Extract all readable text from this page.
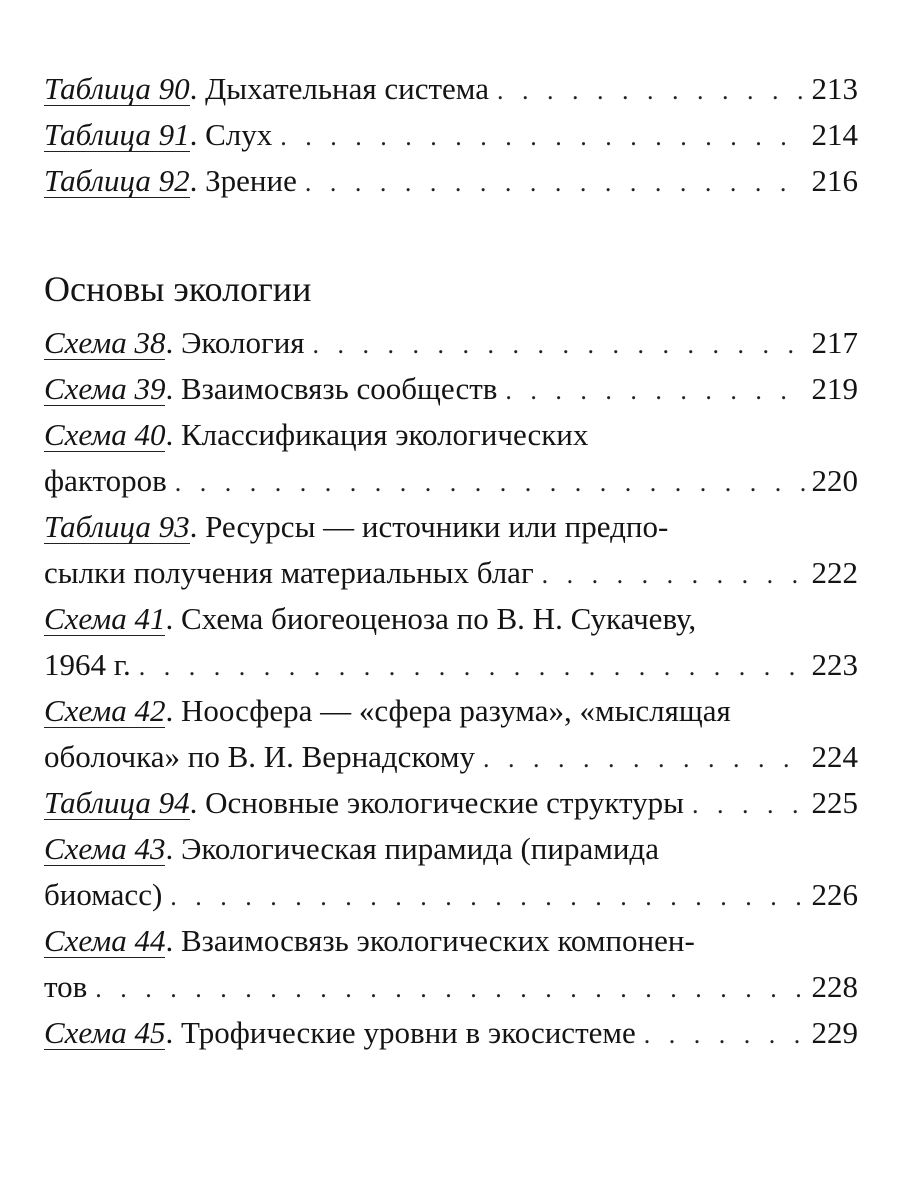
Таблица 90 . Дыхательная система . . .	213
Таблица 91 . Слух . . .	214
Таблица 92 . Зрение . . .	216
Основы экологии
Схема 38 . Экология . . .	217
Схема 39 . Взаимосвязь сообществ . . .	219
Схема 40 . Классификация экологических
факторов . . .	220
Таблица 93 . Ресурсы — источники или предпо-
сылки получения материальных благ . . .	222
Схема 41 . Схема биогеоценоза по В. Н. Сукачеву,
1964 г. . . .	223
Схема 42 . Ноосфера — «сфера разума», «мыслящая
оболочка» по В. И. Вернадскому . . .	224
Таблица 94 . Основные экологические структуры . . .	225
Схема 43 . Экологическая пирамида (пирамида
биомасс) . . .	226
Схема 44 . Взаимосвязь экологических компонен-
тов . . .	228
Схема 45 . Трофические уровни в экосистеме . . .	229
